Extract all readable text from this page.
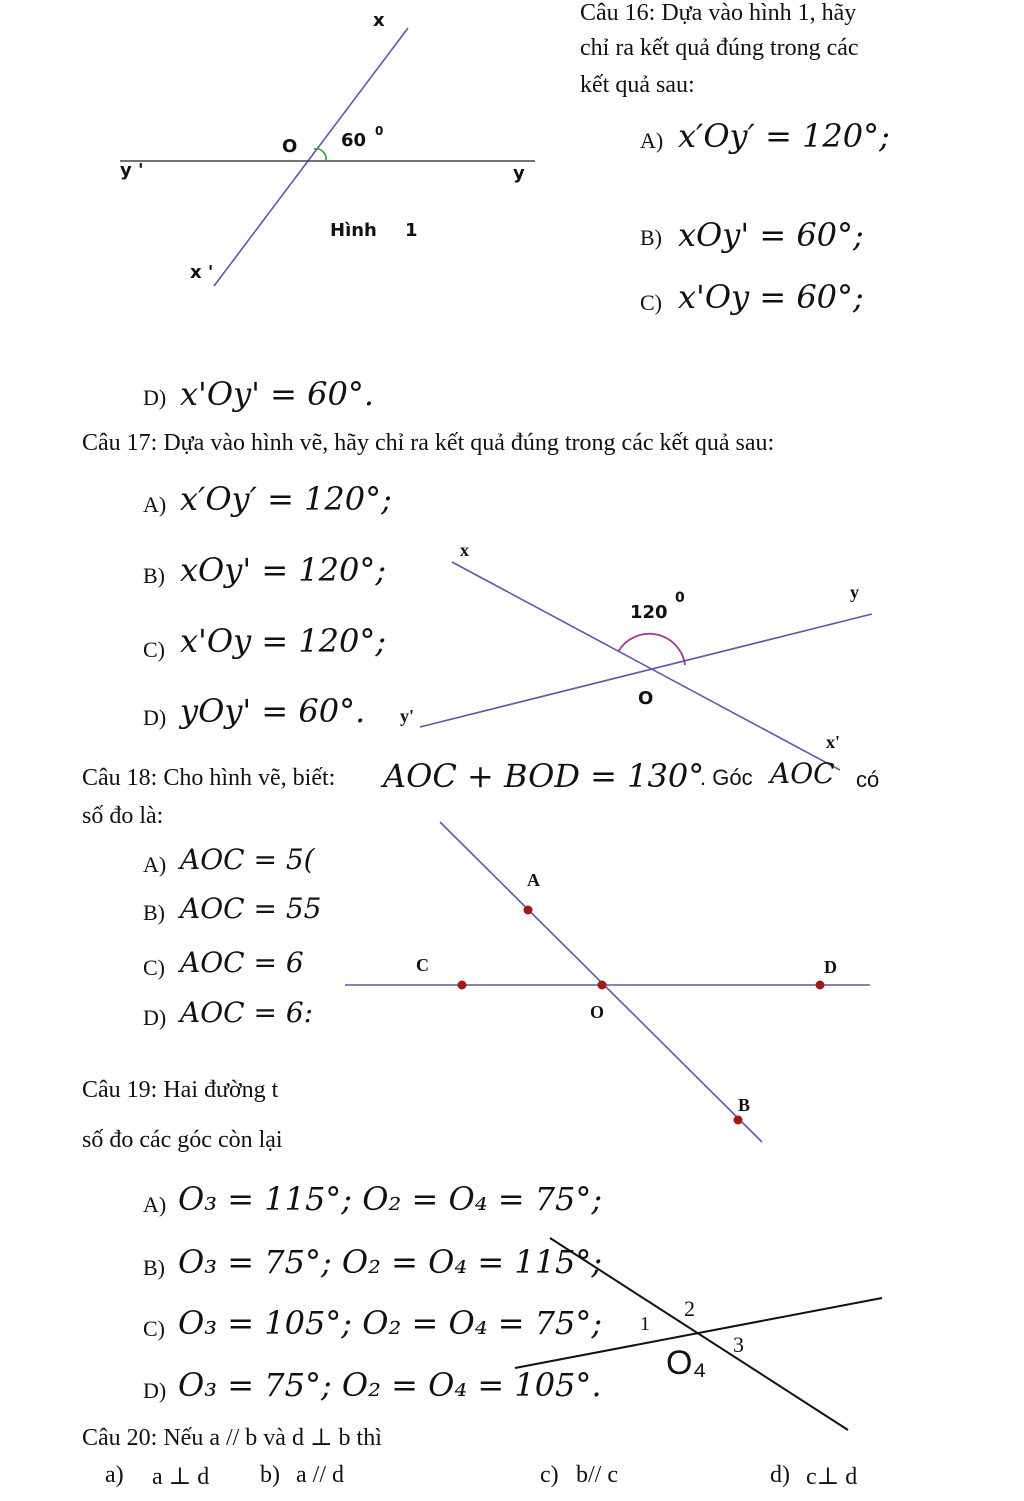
Câu 16: Dựa vào hình 1, hãy
chỉ ra kết quả đúng trong các
kết quả sau:
x
O 60 0
y '	y
Hình 1
x '
A) x′Oy′ = 120°;
B) xOy' = 60°;
C) x'Oy = 60°;
D) x'Oy' = 60°.
Câu 17: Dựa vào hình vẽ, hãy chỉ ra kết quả đúng trong các kết quả sau:
A) x′Oy′ = 120°;
B) xOy' = 120°;
C) x'Oy = 120°;
D) yOy' = 60°.
x
y
120
0
O
y'
x'
Câu 18: Cho hình vẽ, biết: AOC + BOD = 130°
. Góc AOC có
số đo là:
A) AOC = 5(
B) AOC = 55
C) AOC = 6
D) AOC = 6:
A
C	D
O
B
Câu 19: Hai đường t
số đo các góc còn lại
A) O₃ = 115°; O₂ = O₄ = 75°;
B) O₃ = 75°; O₂ = O₄ = 115°;
C) O₃ = 105°; O₂ = O₄ = 75°;
D) O₃ = 75°; O₂ = O₄ = 105°.
1
2
3
O₄
Câu 20: Nếu a // b và d ⊥ b thì
a) a ⊥ d b) a // d	c) b// c	d) c⊥ d
